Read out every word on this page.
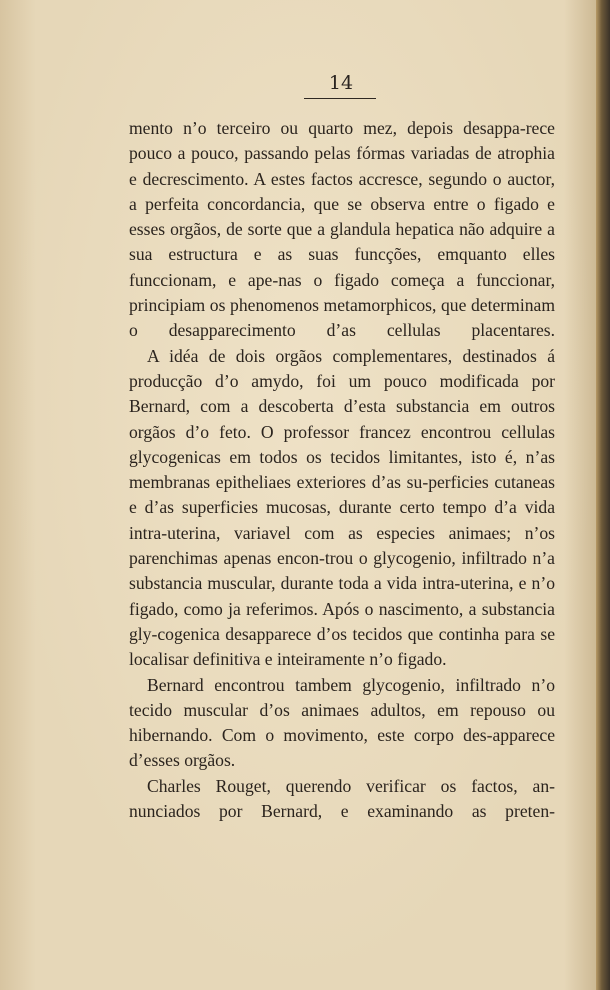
14

mento n’o terceiro ou quarto mez, depois desappa-rece pouco a pouco, passando pelas fórmas variadas de atrophia e decrescimento. A estes factos accresce, segundo o auctor, a perfeita concordancia, que se observa entre o figado e esses orgãos, de sorte que a glandula hepatica não adquire a sua estructura e as suas funcções, emquanto elles funccionam, e ape-nas o figado começa a funccionar, principiam os phenomenos metamorphicos, que determinam o desapparecimento d’as cellulas placentares.

A idéa de dois orgãos complementares, destinados á producção d’o amydo, foi um pouco modificada por Bernard, com a descoberta d’esta substancia em outros orgãos d’o feto. O professor francez encontrou cellulas glycogenicas em todos os tecidos limitantes, isto é, n’as membranas epitheliaes exteriores d’as su-perficies cutaneas e d’as superficies mucosas, durante certo tempo d’a vida intra-uterina, variavel com as especies animaes; n’os parenchimas apenas encon-trou o glycogenio, infiltrado n’a substancia muscular, durante toda a vida intra-uterina, e n’o figado, como ja referimos. Após o nascimento, a substancia gly-cogenica desapparece d’os tecidos que continha para se localisar definitiva e inteiramente n’o figado.

Bernard encontrou tambem glycogenio, infiltrado n’o tecido muscular d’os animaes adultos, em repouso ou hibernando. Com o movimento, este corpo des-apparece d’esses orgãos.

Charles Rouget, querendo verificar os factos, an-nunciados por Bernard, e examinando as preten-
